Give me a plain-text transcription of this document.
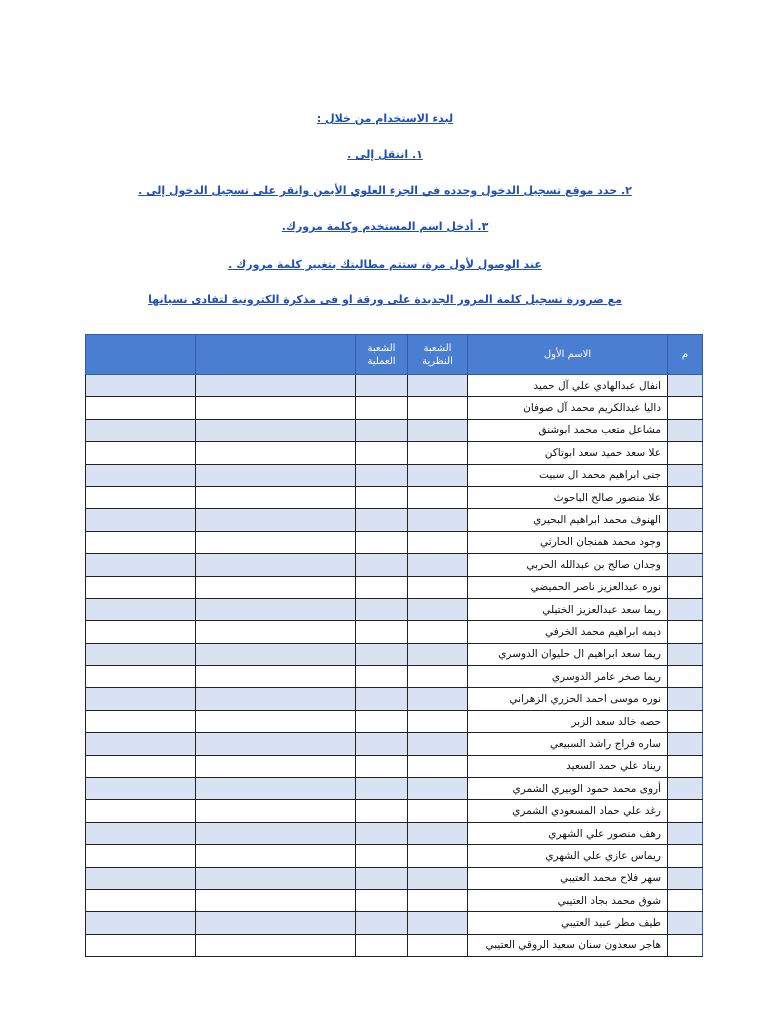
لبدء الاستخدام من خلال :
١. انتقل إلى .
٢. حدد موقع تسجيل الدخول وحدده في الجزء العلوي الأيمن وانقر على تسجيل الدخول إلى .
٣. أدخل اسم المستخدم وكلمة مرورك.
عند الوصول لأول مرة، ستتم مطالبتك بتغيير كلمة مرورك .
مع ضرورة تسجيل كلمة المرور الجديدة على ورقة او فى مذكرة الكترونية لتفادى نسيانها
م	الاسم الأول	الشعبة النظرية	الشعبة العملية		
	انفال عبدالهادي علي آل حميد				
	داليا عبدالكريم محمد آل صوفان				
	مشاعل متعب محمد ابوشنق				
	علا سعد حميد سعد ابوتاكن				
	جنى ابراهيم محمد ال سبيت				
	علا منصور صالح الباحوث				
	الهنوف محمد ابراهيم البحيري				
	وجود محمد همنجان الحارثي				
	وجدان صالح بن عبدالله الحربي				
	نوره عبدالعزيز ناصر الحميضي				
	ريما سعد عبدالعزيز الختيلي				
	ديمه ابراهيم محمد الخرفي				
	ريما سعد ابراهيم ال حليوان الدوسري				
	ريما صخر عامر الدوسري				
	نوره موسى احمد الحزري الزهراني				
	حصه خالد سعد الزبر				
	ساره فراج راشد السبيعي				
	ريناد علي حمد السعيد				
	أروى محمد حمود الوبيري الشمري				
	رغد علي حماد المسعودي الشمري				
	رهف منصور علي الشهري				
	ريماس عازي علي الشهري				
	سهر فلاح محمد العتيبي				
	شوق محمد بجاد العتيبي				
	طيف مطر عبيد العتيبي				
	هاجر سعدون سنان سعيد الروقي العتيبي				
